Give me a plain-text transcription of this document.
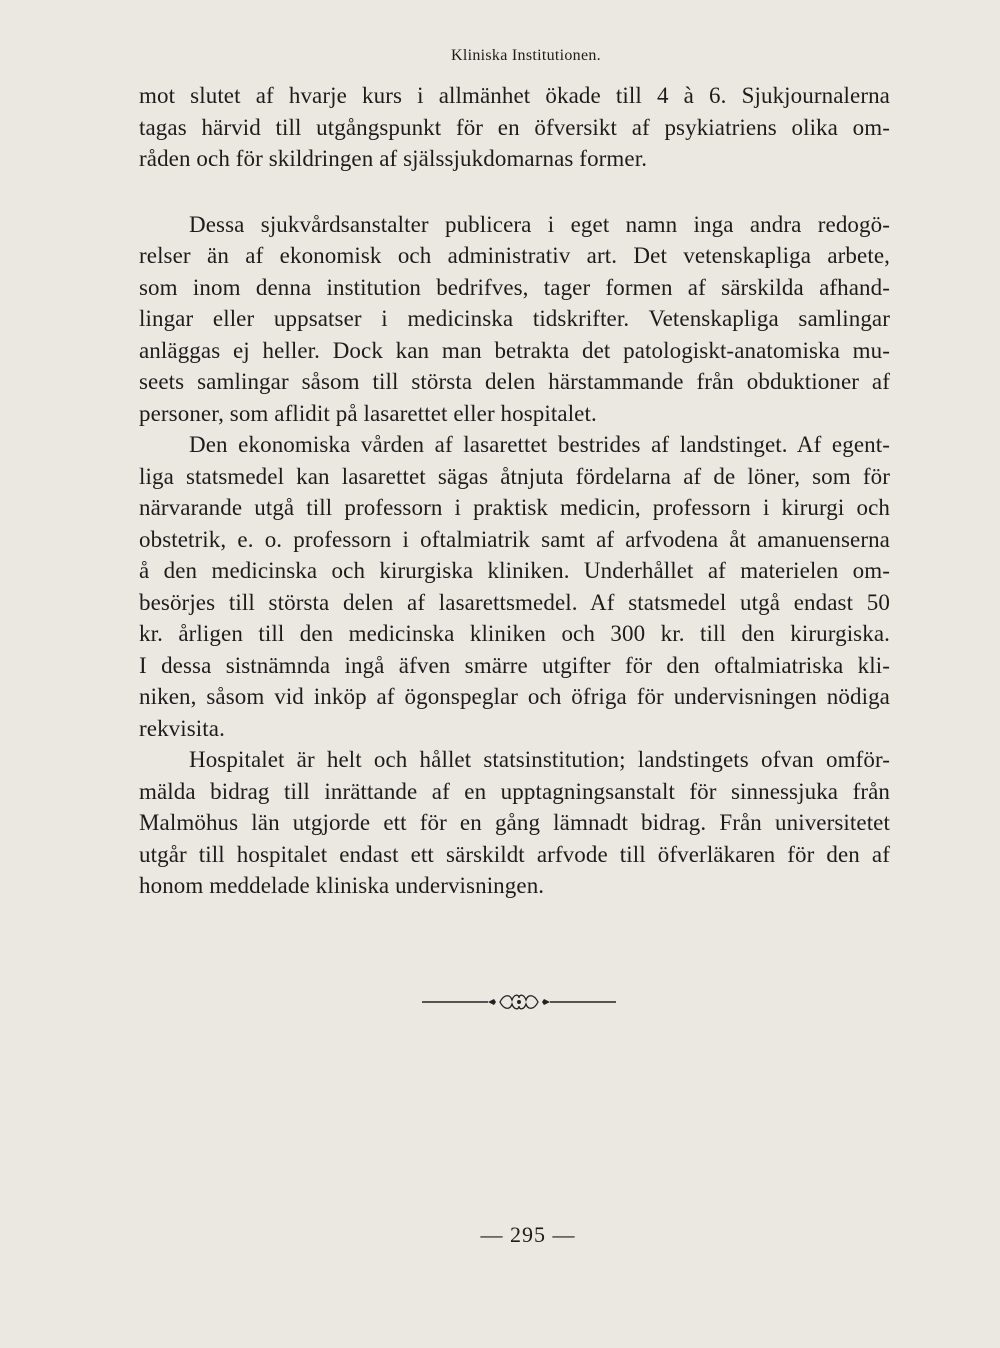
Kliniska Institutionen.
mot slutet af hvarje kurs i allmänhet ökade till 4 à 6. Sjukjournalerna
tagas härvid till utgångspunkt för en öfversikt af psykiatriens olika om-
råden och för skildringen af själssjukdomarnas former.
Dessa sjukvårdsanstalter publicera i eget namn inga andra redogö-
relser än af ekonomisk och administrativ art. Det vetenskapliga arbete,
som inom denna institution bedrifves, tager formen af särskilda afhand-
lingar eller uppsatser i medicinska tidskrifter. Vetenskapliga samlingar
anläggas ej heller. Dock kan man betrakta det patologiskt-anatomiska mu-
seets samlingar såsom till största delen härstammande från obduktioner af
personer, som aflidit på lasarettet eller hospitalet.
Den ekonomiska vården af lasarettet bestrides af landstinget. Af egent-
liga statsmedel kan lasarettet sägas åtnjuta fördelarna af de löner, som för
närvarande utgå till professorn i praktisk medicin, professorn i kirurgi och
obstetrik, e. o. professorn i oftalmiatrik samt af arfvodena åt amanuenserna
å den medicinska och kirurgiska kliniken. Underhållet af materielen om-
besörjes till största delen af lasarettsmedel. Af statsmedel utgå endast 50
kr. årligen till den medicinska kliniken och 300 kr. till den kirurgiska.
I dessa sistnämnda ingå äfven smärre utgifter för den oftalmiatriska kli-
niken, såsom vid inköp af ögonspeglar och öfriga för undervisningen nödiga
rekvisita.
Hospitalet är helt och hållet statsinstitution; landstingets ofvan omför-
mälda bidrag till inrättande af en upptagningsanstalt för sinnessjuka från
Malmöhus län utgjorde ett för en gång lämnadt bidrag. Från universitetet
utgår till hospitalet endast ett särskildt arfvode till öfverläkaren för den af
honom meddelade kliniska undervisningen.
— 295 —
